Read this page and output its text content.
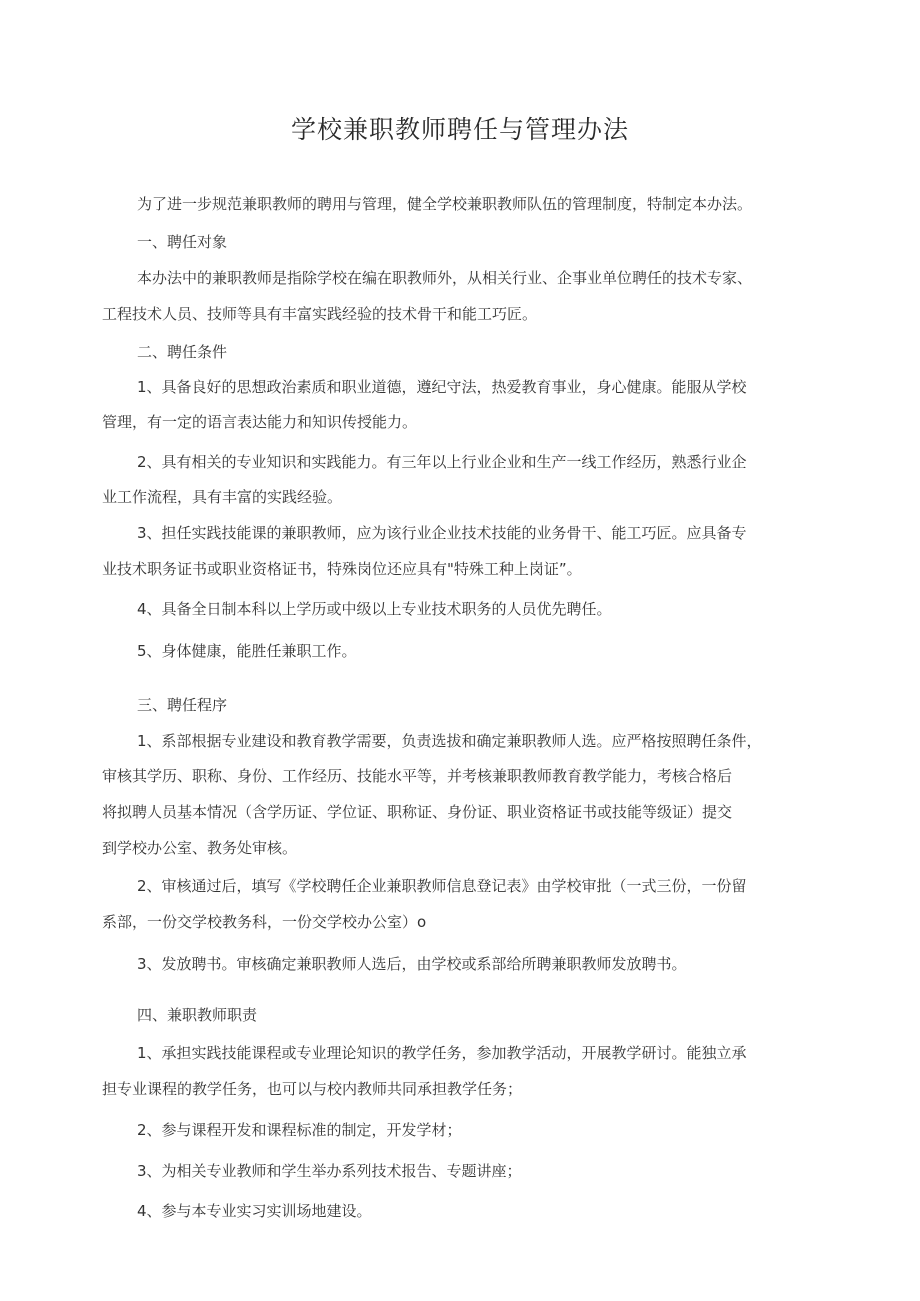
学校兼职教师聘任与管理办法
为了进一步规范兼职教师的聘用与管理，健全学校兼职教师队伍的管理制度，特制定本办法。
一、聘任对象
本办法中的兼职教师是指除学校在编在职教师外，从相关行业、企事业单位聘任的技术专家、
工程技术人员、技师等具有丰富实践经验的技术骨干和能工巧匠。
二、聘任条件
1、具备良好的思想政治素质和职业道德，遵纪守法，热爱教育事业，身心健康。能服从学校
管理，有一定的语言表达能力和知识传授能力。
2、具有相关的专业知识和实践能力。有三年以上行业企业和生产一线工作经历，熟悉行业企
业工作流程，具有丰富的实践经验。
3、担任实践技能课的兼职教师，应为该行业企业技术技能的业务骨干、能工巧匠。应具备专
业技术职务证书或职业资格证书，特殊岗位还应具有"特殊工种上岗证”。
4、具备全日制本科以上学历或中级以上专业技术职务的人员优先聘任。
5、身体健康，能胜任兼职工作。
三、聘任程序
1、系部根据专业建设和教育教学需要，负责选拔和确定兼职教师人选。应严格按照聘任条件，
审核其学历、职称、身份、工作经历、技能水平等，并考核兼职教师教育教学能力，考核合格后
将拟聘人员基本情况（含学历证、学位证、职称证、身份证、职业资格证书或技能等级证）提交
到学校办公室、教务处审核。
2、审核通过后，填写《学校聘任企业兼职教师信息登记表》由学校审批（一式三份，一份留
系部，一份交学校教务科，一份交学校办公室）o
3、发放聘书。审核确定兼职教师人选后，由学校或系部给所聘兼职教师发放聘书。
四、兼职教师职责
1、承担实践技能课程或专业理论知识的教学任务，参加教学活动，开展教学研讨。能独立承
担专业课程的教学任务，也可以与校内教师共同承担教学任务；
2、参与课程开发和课程标准的制定，开发学材；
3、为相关专业教师和学生举办系列技术报告、专题讲座；
4、参与本专业实习实训场地建设。
